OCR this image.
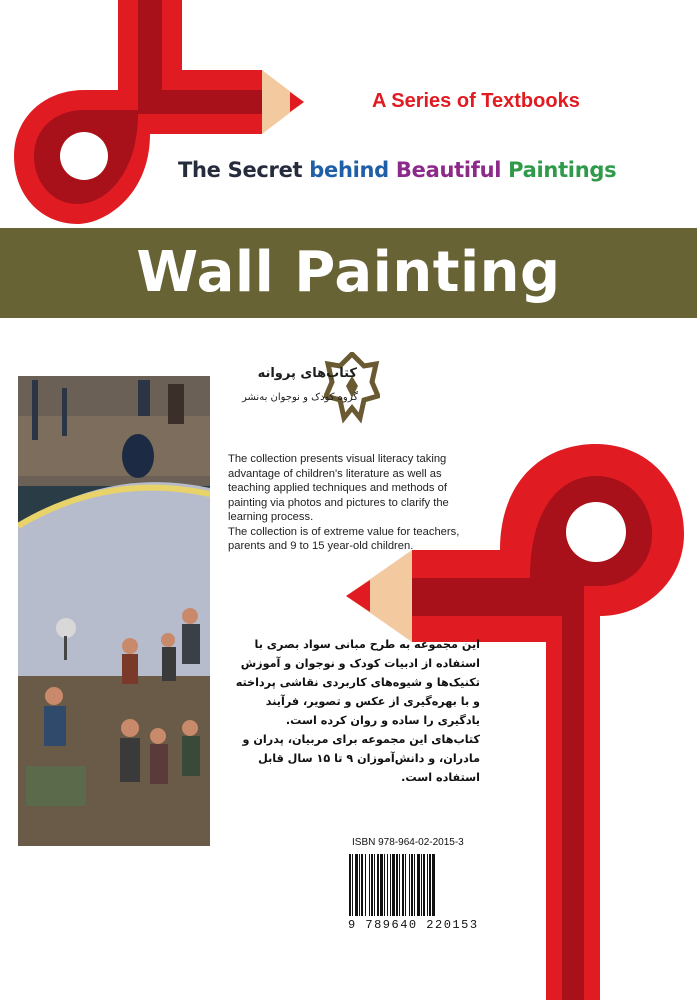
A Series of Textbooks
The Secret behind Beautiful Paintings
Wall Painting
کتاب‌های پروانه
گروه کودک و نوجوان به‌نشر

The collection presents visual literacy taking advantage of children's literature as well as teaching applied techniques and methods of painting via photos and pictures to clarify the learning process.

The collection is of extreme value for teachers, parents and 9 to 15 year-old children.

این مجموعه به طرح مبانی سواد بصری با استفاده از ادبیات کودک و نوجوان و آموزش تکنیک‌ها و شیوه‌های کاربردی نقاشی پرداخته و با بهره‌گیری از عکس و تصویر، فرآیند یادگیری را ساده و روان کرده است.

کتاب‌های این مجموعه برای مربیان، پدران و مادران، و دانش‌آموزان ۹ تا ۱۵ سال قابل استفاده است.

ISBN 978-964-02-2015-3
9 789640 220153
